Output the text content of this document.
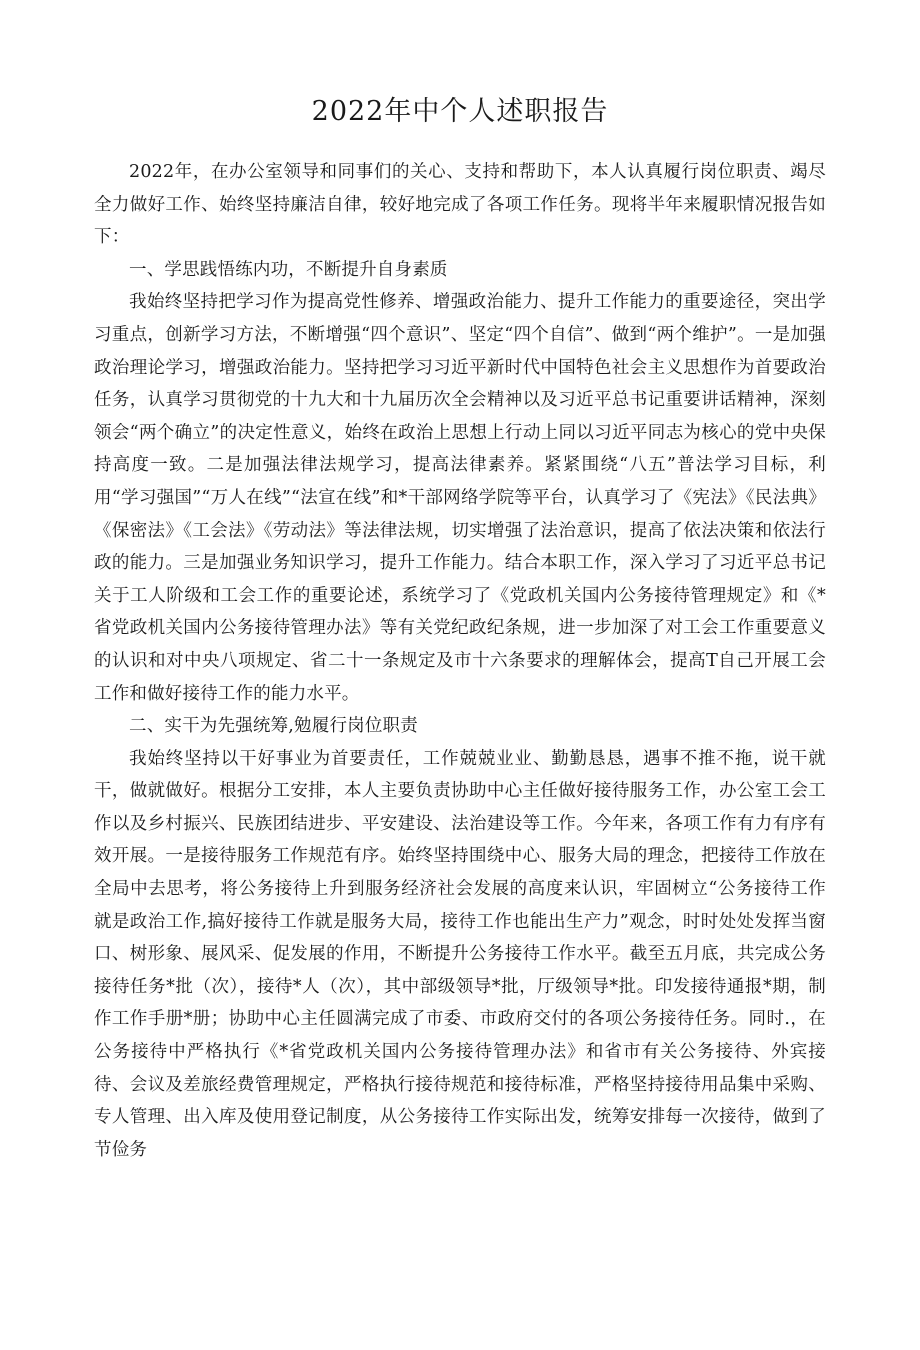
2022年中个人述职报告

2022年，在办公室领导和同事们的关心、支持和帮助下，本人认真履行岗位职责、竭尽全力做好工作、始终坚持廉洁自律，较好地完成了各项工作任务。现将半年来履职情况报告如下：

一、学思践悟练内功，不断提升自身素质

我始终坚持把学习作为提高党性修养、增强政治能力、提升工作能力的重要途径，突出学习重点，创新学习方法，不断增强“四个意识”、坚定“四个自信”、做到“两个维护”。一是加强政治理论学习，增强政治能力。坚持把学习习近平新时代中国特色社会主义思想作为首要政治任务，认真学习贯彻党的十九大和十九届历次全会精神以及习近平总书记重要讲话精神，深刻领会“两个确立”的决定性意义，始终在政治上思想上行动上同以习近平同志为核心的党中央保持高度一致。二是加强法律法规学习，提高法律素养。紧紧围绕“八五”普法学习目标，利用“学习强国”“万人在线”“法宣在线”和*干部网络学院等平台，认真学习了《宪法》《民法典》《保密法》《工会法》《劳动法》等法律法规，切实增强了法治意识，提高了依法决策和依法行政的能力。三是加强业务知识学习，提升工作能力。结合本职工作，深入学习了习近平总书记关于工人阶级和工会工作的重要论述，系统学习了《党政机关国内公务接待管理规定》和《*省党政机关国内公务接待管理办法》等有关党纪政纪条规，进一步加深了对工会工作重要意义的认识和对中央八项规定、省二十一条规定及市十六条要求的理解体会，提高T自己开展工会工作和做好接待工作的能力水平。

二、实干为先强统筹,勉履行岗位职责

我始终坚持以干好事业为首要责任，工作兢兢业业、勤勤恳恳，遇事不推不拖，说干就干，做就做好。根据分工安排，本人主要负责协助中心主任做好接待服务工作，办公室工会工作以及乡村振兴、民族团结进步、平安建设、法治建设等工作。今年来，各项工作有力有序有效开展。一是接待服务工作规范有序。始终坚持围绕中心、服务大局的理念，把接待工作放在全局中去思考，将公务接待上升到服务经济社会发展的高度来认识，牢固树立“公务接待工作就是政治工作,搞好接待工作就是服务大局，接待工作也能出生产力”观念，时时处处发挥当窗口、树形象、展风采、促发展的作用，不断提升公务接待工作水平。截至五月底，共完成公务接待任务*批（次），接待*人（次），其中部级领导*批，厅级领导*批。印发接待通报*期，制作工作手册*册；协助中心主任圆满完成了市委、市政府交付的各项公务接待任务。同时.，在公务接待中严格执行《*省党政机关国内公务接待管理办法》和省市有关公务接待、外宾接待、会议及差旅经费管理规定，严格执行接待规范和接待标准，严格坚持接待用品集中采购、专人管理、出入库及使用登记制度，从公务接待工作实际出发，统筹安排每一次接待，做到了节俭务
